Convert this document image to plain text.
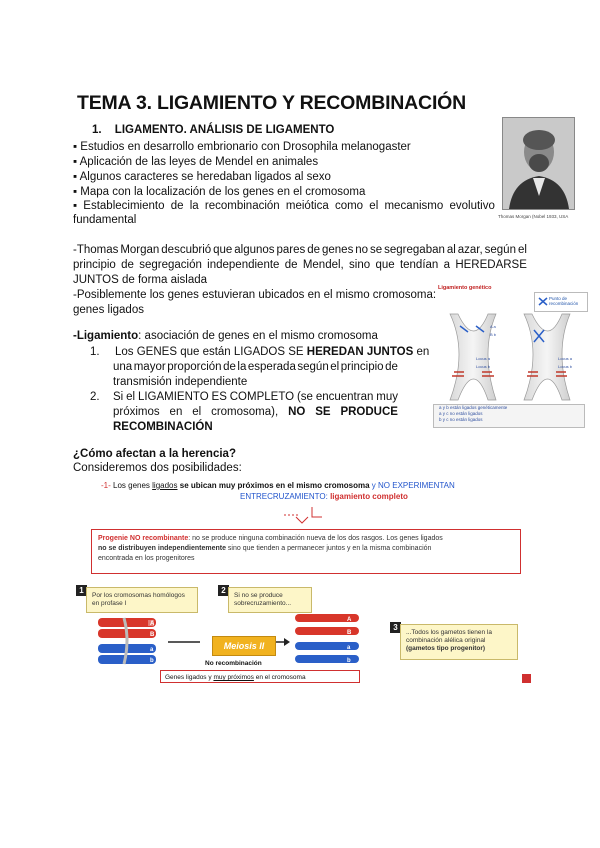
TEMA 3. LIGAMIENTO Y RECOMBINACIÓN
1. LIGAMENTO. ANÁLISIS DE LIGAMENTO
▪ Estudios en desarrollo embrionario con Drosophila melanogaster
▪ Aplicación de las leyes de Mendel en animales
▪ Algunos caracteres se heredaban ligados al sexo
▪ Mapa con la localización de los genes en el cromosoma
▪ Establecimiento de la recombinación meiótica como el mecanismo evolutivo
fundamental	Thomas Morgan (Nobel 1933, USA
-Thomas Morgan descubrió que algunos pares de genes no se segregaban al azar, según el
principio de segregación independiente de Mendel, sino que tendían a HEREDARSE
JUNTOS de forma aislada
-Posiblemente los genes estuvieran ubicados en el mismo cromosoma:
genes ligados
Ligamiento genético
Punto de recombinación
A a
B b
Locus a
Locus b
Locus a
Locus b
a y b están ligados genéticamente
a y c no están ligados
b y c no están ligados
-Ligamiento: asociación de genes en el mismo cromosoma
1. Los GENES que están LIGADOS SE HEREDAN JUNTOS en
una mayor proporción de la esperada según el principio de
transmisión independiente
2. Si el LIGAMIENTO ES COMPLETO (se encuentran muy
próximos en el cromosoma), NO SE PRODUCE
RECOMBINACIÓN
¿Cómo afectan a la herencia?
Consideremos dos posibilidades:
-1- Los genes ligados se ubican muy próximos en el mismo cromosoma y NO EXPERIMENTAN
ENTRECRUZAMIENTO: ligamiento completo

Progenie NO recombinante: no se produce ninguna combinación nueva de los dos rasgos. Los genes ligados
no se distribuyen independientemente sino que tienden a permanecer juntos y en la misma combinación
encontrada en los progenitores

1
Por los cromosomas homólogos en profase I
2
Si no se produce sobrecruzamiento...
3
...Todos los gametos tienen la combinación alélica original (gametos tipo progenitor)
A
B
a
b
A
B
a
b
Meiosis II
No recombinación
Genes ligados y muy próximos en el cromosoma
